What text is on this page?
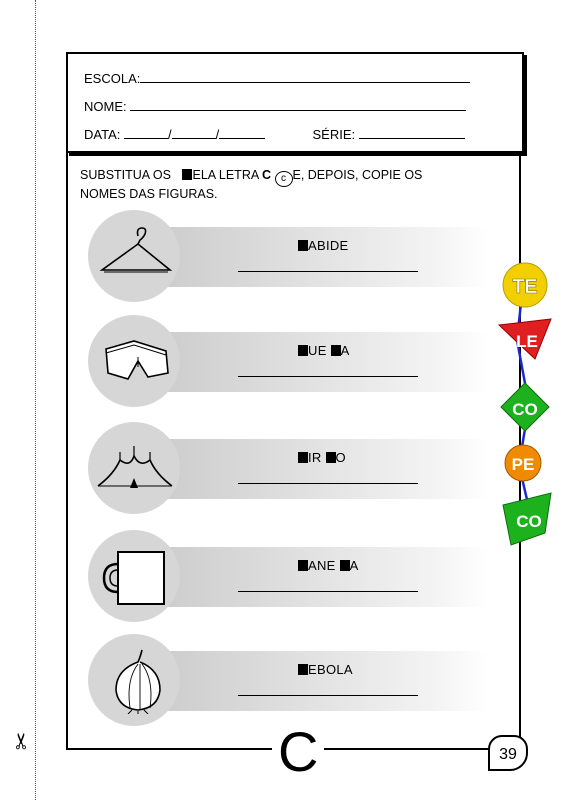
✂
ESCOLA:
NOME:
DATA:	/	/	SÉRIE:
SUBSTITUA OS ELA LETRA C c E, DEPOIS, COPIE OS
NOMES DAS FIGURAS.
ABIDE
UE A
IR O
ANE A
EBOLA
TE
LE
CO
PE
CO
C	39
